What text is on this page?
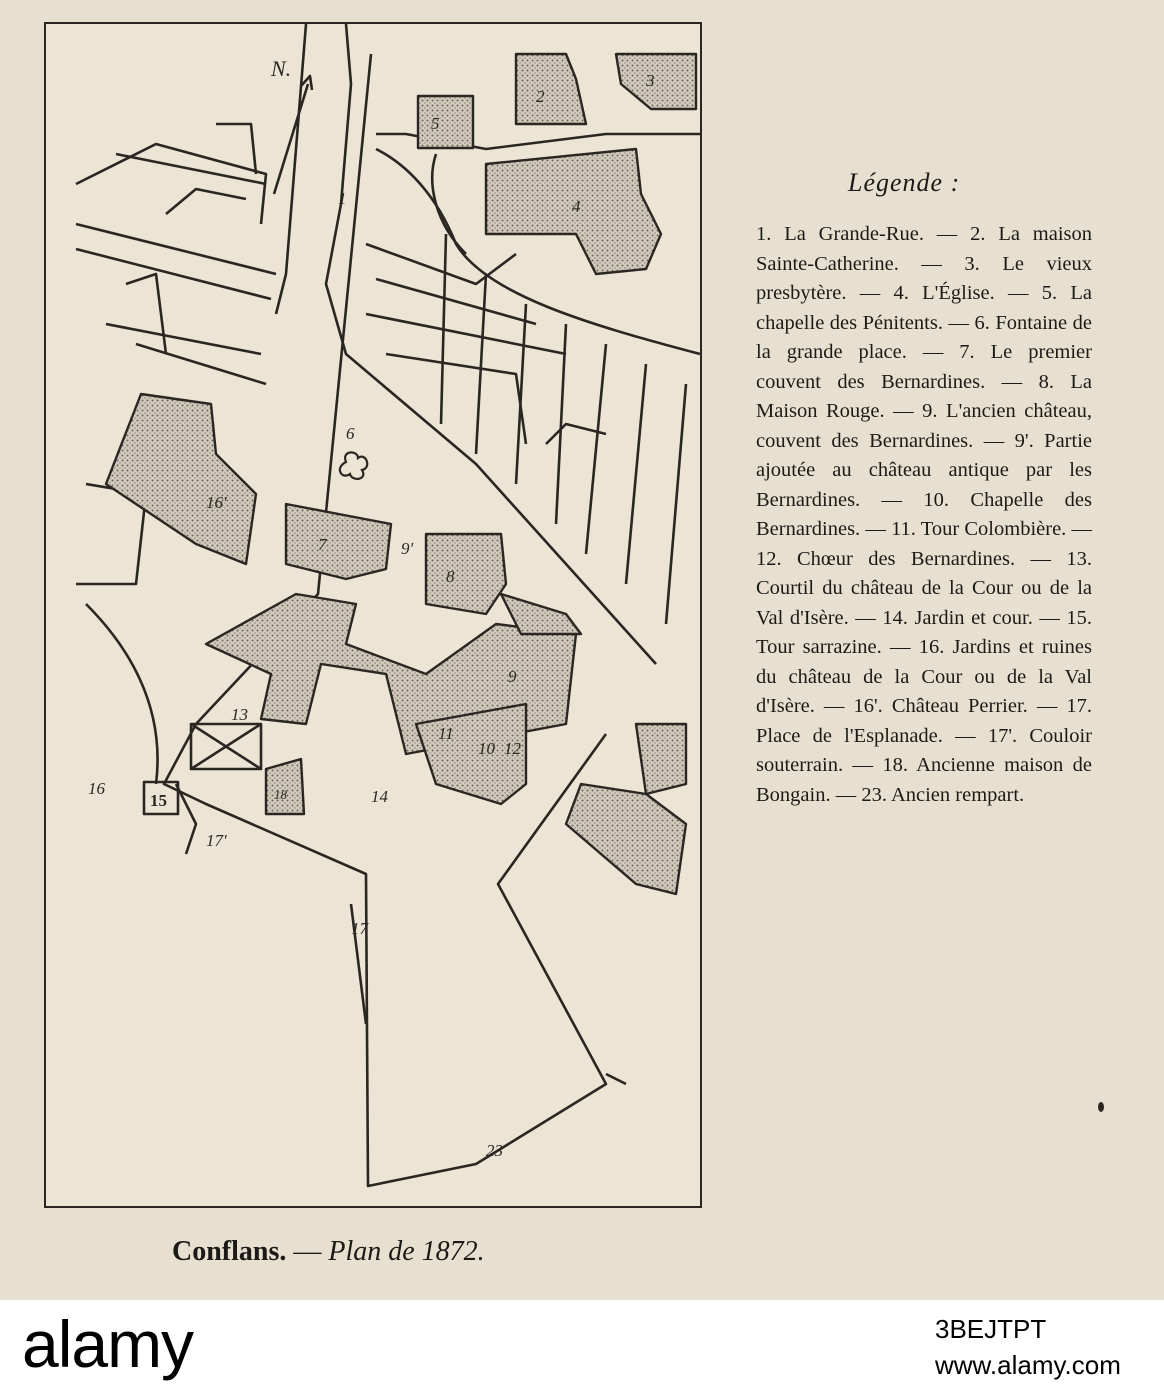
N.
1
5
2
3
4
6
16'
7
8
9
9'
13
11
10 12
14
16
15
17'
17
18
23
Conflans. — Plan de 1872.
Légende :
1. La Grande-Rue. — 2. La maison Sainte-Catherine. — 3. Le vieux presbytère. — 4. L'Église. — 5. La chapelle des Pénitents. — 6. Fontaine de la grande place. — 7. Le premier couvent des Bernardines. — 8. La Maison Rouge. — 9. L'ancien château, couvent des Bernardines. — 9'. Partie ajoutée au château antique par les Bernardines. — 10. Chapelle des Bernardines. — 11. Tour Colombière. — 12. Chœur des Bernardines. — 13. Courtil du château de la Cour ou de la Val d'Isère. — 14. Jardin et cour. — 15. Tour sarrazine. — 16. Jardins et ruines du château de la Cour ou de la Val d'Isère. — 16'. Château Perrier. — 17. Place de l'Esplanade. — 17'. Couloir souterrain. — 18. Ancienne maison de Bongain. — 23. Ancien rempart.
alamy	3BEJTPT
www.alamy.com
